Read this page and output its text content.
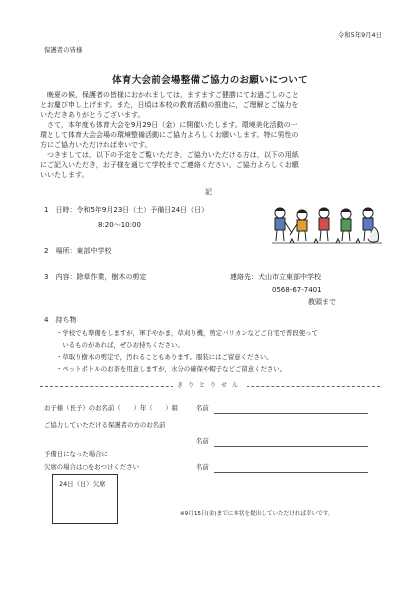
令和5年9月4日
保護者の皆様
体育大会前会場整備ご協力のお願いについて
　晩夏の候，保護者の皆様におかれましては，ますますご健勝にてお過ごしのこと
とお慶び申し上げます。また，日頃は本校の教育活動の推進に，ご理解とご協力を
いただきありがとうございます。
　さて，本年度も体育大会を9月29日（金）に開催いたします。環境美化活動の一
環として体育大会会場の環境整備活動にご協力よろしくお願いします。特に男性の
方にご協力いただければ幸いです。
　つきましては，以下の予定をご覧いただき，ご協力いただける方は，以下の用紙
にご記入いただき，お子様を通じて学校までご連絡ください。ご協力よろしくお願
いいたします。
記
1　日時：令和5年9月23日（土）予備日24日（日）
8:20～10:00
2　場所：東部中学校
3　内容：除草作業，樹木の剪定	連絡先：犬山市立東部中学校
0568-67-7401
教頭まで
4　持ち物
・学校でも準備をしますが，軍手やかま，草刈り機，剪定バリカンなどご自宅で普段使って
　いるものがあれば，ぜひお持ちください。
・草取り樹木の剪定で，汚れることもあります。服装にはご留意ください。
・ペットボトルのお茶を用意しますが，水分の確保や帽子などご留意ください。
きりとりせん
お子様（長子）のお名前（　　）年（　　）組	名前
ご協力していただける保護者の方のお名前
名前
予備日になった場合に
欠席の場合は○をおつけください	名前
24日（日）欠席
※9月15日(金)までに本状を提出していただければ幸いです。
